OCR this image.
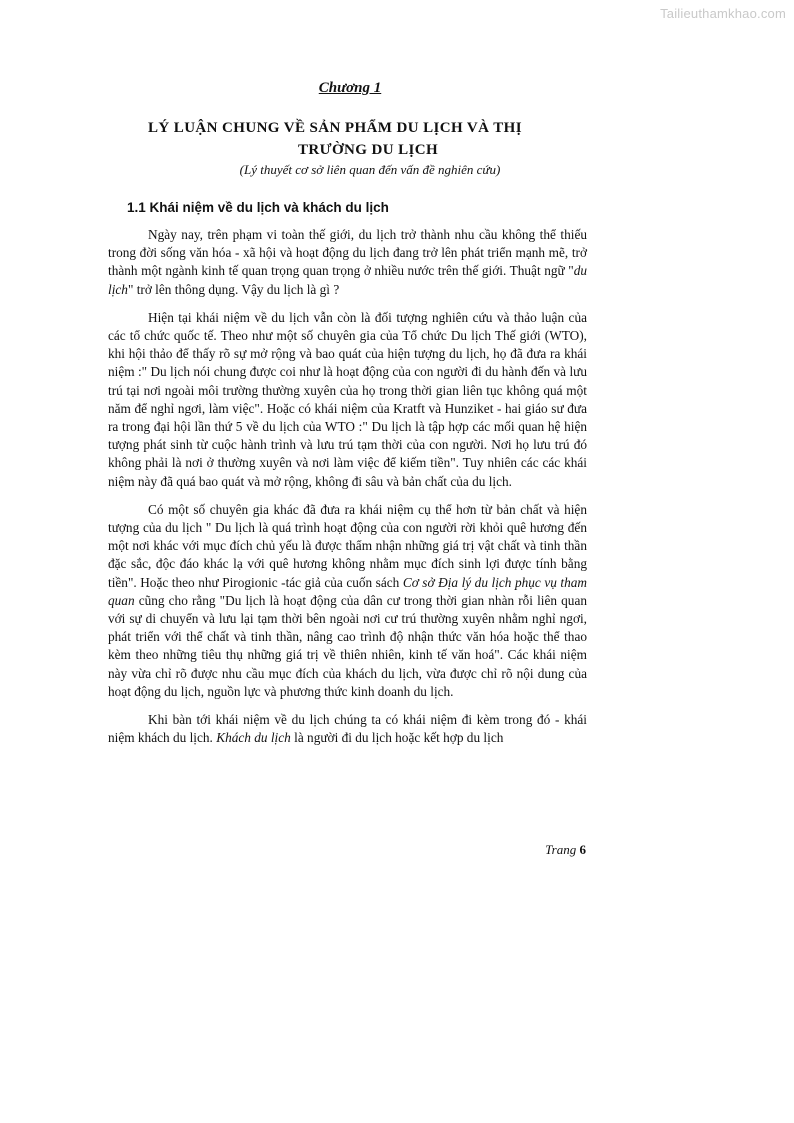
Tailieuthamkhao.com
Chương 1
LÝ LUẬN CHUNG VỀ SẢN PHẨM DU LỊCH VÀ THỊ
TRƯỜNG DU LỊCH
(Lý thuyết cơ sở liên quan đến vấn đề nghiên cứu)
1.1 Khái niệm về du lịch và khách du lịch

Ngày nay, trên phạm vi toàn thế giới, du lịch trở thành nhu cầu không thể thiếu trong đời sống văn hóa - xã hội và hoạt động du lịch đang trở lên phát triển mạnh mẽ, trở thành một ngành kinh tế quan trọng quan trọng ở nhiều nước trên thế giới. Thuật ngữ "du lịch" trở lên thông dụng. Vậy du lịch là gì ?

Hiện tại khái niệm về du lịch vẫn còn là đối tượng nghiên cứu và thảo luận của các tổ chức quốc tế. Theo như một số chuyên gia của Tổ chức Du lịch Thế giới (WTO), khi hội thảo để thấy rõ sự mở rộng và bao quát của hiện tượng du lịch, họ đã đưa ra khái niệm :" Du lịch nói chung được coi như là hoạt động của con người đi du hành đến và lưu trú tại nơi ngoài môi trường thường xuyên của họ trong thời gian liên tục không quá một năm để nghỉ ngơi, làm việc". Hoặc có khái niệm của Kratft và Hunziket - hai giáo sư đưa ra trong đại hội lần thứ 5 về du lịch của WTO :" Du lịch là tập hợp các mối quan hệ hiện tượng phát sinh từ cuộc hành trình và lưu trú tạm thời của con người. Nơi họ lưu trú đó không phải là nơi ở thường xuyên và nơi làm việc để kiếm tiền". Tuy nhiên các các khái niệm này đã quá bao quát và mở rộng, không đi sâu và bản chất của du lịch.

Có một số chuyên gia khác đã đưa ra khái niệm cụ thể hơn từ bản chất và hiện tượng của du lịch " Du lịch là quá trình hoạt động của con người rời khỏi quê hương đến một nơi khác với mục đích chủ yếu là được thẩm nhận những giá trị vật chất và tinh thần đặc sắc, độc đáo khác lạ với quê hương không nhằm mục đích sinh lợi được tính bằng tiền". Hoặc theo như Pirogionic -tác giả của cuốn sách Cơ sở Địa lý du lịch phục vụ tham quan cũng cho rằng "Du lịch là hoạt động của dân cư trong thời gian nhàn rỗi liên quan với sự di chuyển và lưu lại tạm thời bên ngoài nơi cư trú thường xuyên nhằm nghỉ ngơi, phát triển với thể chất và tinh thần, nâng cao trình độ nhận thức văn hóa hoặc thể thao kèm theo những tiêu thụ những giá trị về thiên nhiên, kinh tế văn hoá". Các khái niệm này vừa chỉ rõ được nhu cầu mục đích của khách du lịch, vừa được chỉ rõ nội dung của hoạt động du lịch, nguồn lực và phương thức kinh doanh du lịch.

Khi bàn tới khái niệm về du lịch chúng ta có khái niệm đi kèm trong đó - khái niệm khách du lịch. Khách du lịch là người đi du lịch hoặc kết hợp du lịch

Trang 6
